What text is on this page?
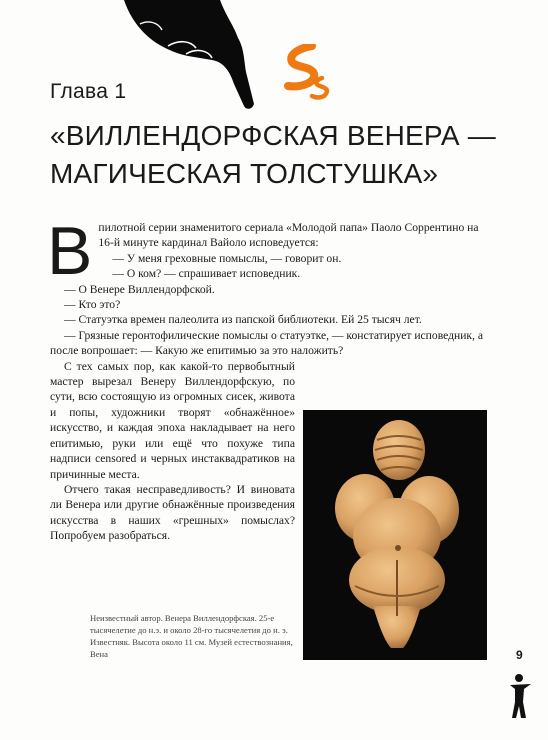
Глава 1
«ВИЛЛЕНДОРФСКАЯ ВЕНЕРА —
МАГИЧЕСКАЯ ТОЛСТУШКА»
В пилотной серии знаменитого сериала «Молодой папа» Паоло Соррентино на 16-й минуте кардинал Вайоло исповедуется:

— У меня греховные помыслы, — говорит он.

— О ком? — спрашивает исповедник.

— О Венере Виллендорфской.

— Кто это?

— Статуэтка времен палеолита из папской библиотеки. Ей 25 тысяч лет.

— Грязные геронтофилические помыслы о статуэтке, — констатирует исповедник, а после вопрошает: — Какую же епитимью за это наложить?

С тех самых пор, как какой-то первобытный мастер вырезал Венеру Виллендорфскую, по сути, всю состоящую из огромных сисек, живота и попы, художники творят «обнажённое» искусство, и каждая эпоха накладывает на него епитимью, руки или ещё что похуже типа надписи censored и черных инстаквадратиков на причинные места.

Отчего такая несправедливость? И виновата ли Венера или другие обнажённые произведения искусства в наших «грешных» помыслах? Попробуем разобраться.

Неизвестный автор. Венера Виллендорфская. 25-е тысячелетие до н.э. и около 28-го тысячелетия до н. э. Известняк. Высота около 11 см. Музей естествознания, Вена	9
